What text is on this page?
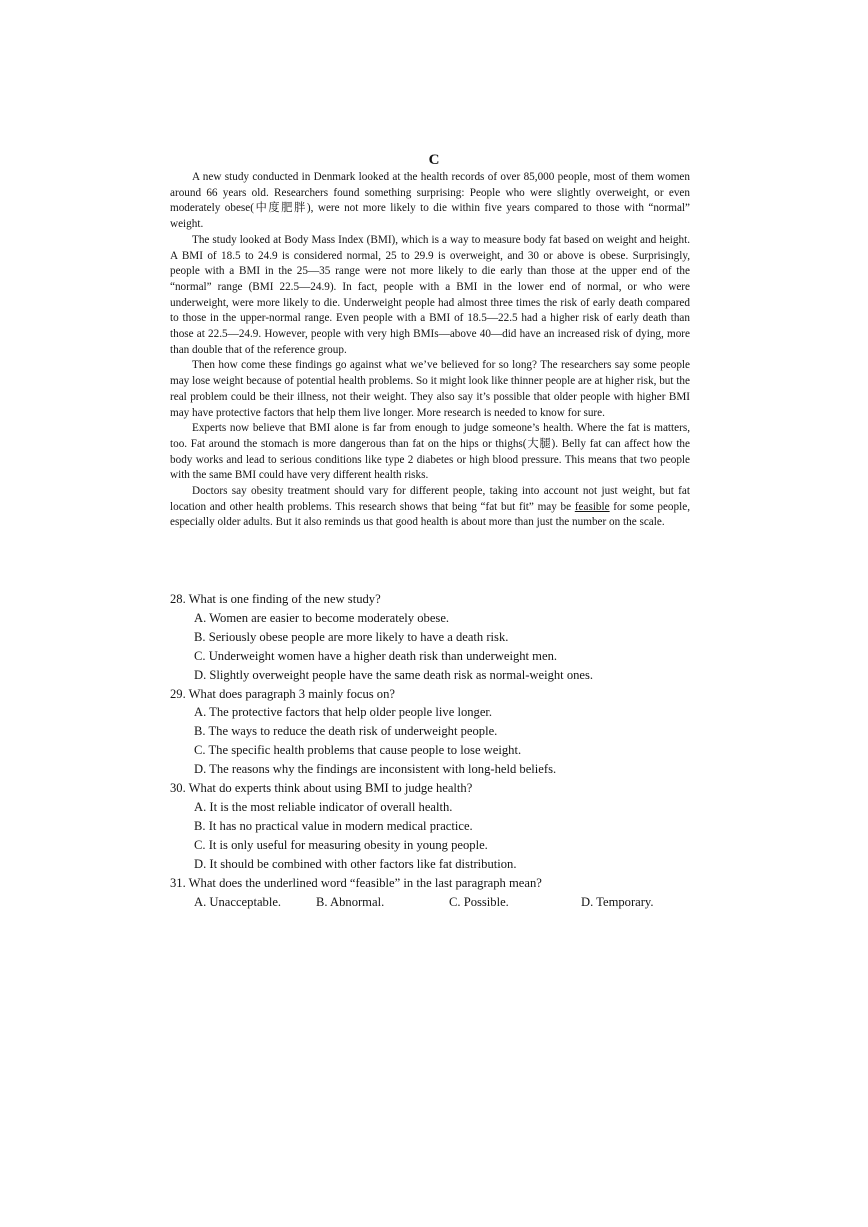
C

A new study conducted in Denmark looked at the health records of over 85,000 people, most of them women around 66 years old. Researchers found something surprising: People who were slightly overweight, or even moderately obese(中度肥胖), were not more likely to die within five years compared to those with “normal” weight.

The study looked at Body Mass Index (BMI), which is a way to measure body fat based on weight and height. A BMI of 18.5 to 24.9 is considered normal, 25 to 29.9 is overweight, and 30 or above is obese. Surprisingly, people with a BMI in the 25—35 range were not more likely to die early than those at the upper end of the “normal” range (BMI 22.5—24.9). In fact, people with a BMI in the lower end of normal, or who were underweight, were more likely to die. Underweight people had almost three times the risk of early death compared to those in the upper-normal range. Even people with a BMI of 18.5—22.5 had a higher risk of early death than those at 22.5—24.9. However, people with very high BMIs—above 40—did have an increased risk of dying, more than double that of the reference group.

Then how come these findings go against what we’ve believed for so long? The researchers say some people may lose weight because of potential health problems. So it might look like thinner people are at higher risk, but the real problem could be their illness, not their weight. They also say it’s possible that older people with higher BMI may have protective factors that help them live longer. More research is needed to know for sure.

Experts now believe that BMI alone is far from enough to judge someone’s health. Where the fat is matters, too. Fat around the stomach is more dangerous than fat on the hips or thighs(大腿). Belly fat can affect how the body works and lead to serious conditions like type 2 diabetes or high blood pressure. This means that two people with the same BMI could have very different health risks.

Doctors say obesity treatment should vary for different people, taking into account not just weight, but fat location and other health problems. This research shows that being “fat but fit” may be feasible for some people, especially older adults. But it also reminds us that good health is about more than just the number on the scale.

28. What is one finding of the new study?

A. Women are easier to become moderately obese.

B. Seriously obese people are more likely to have a death risk.

C. Underweight women have a higher death risk than underweight men.

D. Slightly overweight people have the same death risk as normal-weight ones.

29. What does paragraph 3 mainly focus on?

A. The protective factors that help older people live longer.

B. The ways to reduce the death risk of underweight people.

C. The specific health problems that cause people to lose weight.

D. The reasons why the findings are inconsistent with long-held beliefs.

30. What do experts think about using BMI to judge health?

A. It is the most reliable indicator of overall health.

B. It has no practical value in modern medical practice.

C. It is only useful for measuring obesity in young people.

D. It should be combined with other factors like fat distribution.

31. What does the underlined word “feasible” in the last paragraph mean?

A. Unacceptable.	B. Abnormal.	C. Possible.	D. Temporary.
